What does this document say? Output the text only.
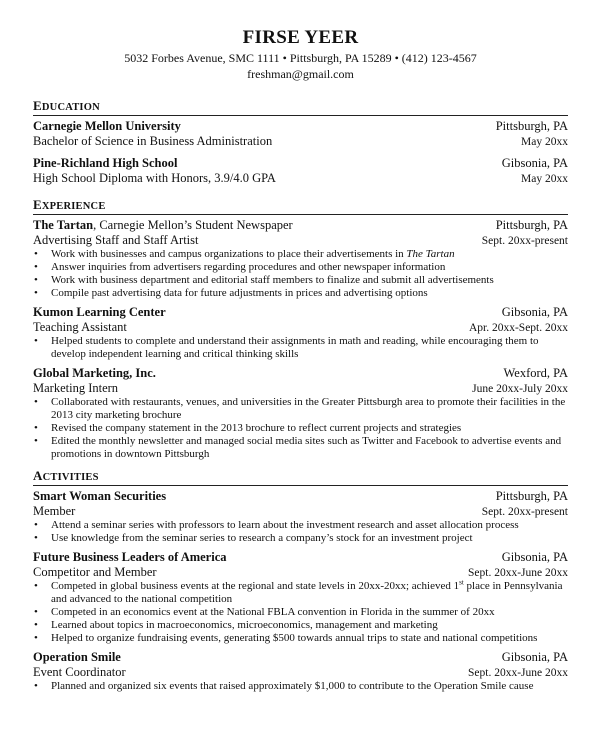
FIRSE YEER
5032 Forbes Avenue, SMC 1111 • Pittsburgh, PA 15289 • (412) 123-4567
freshman@gmail.com
EDUCATION
Carnegie Mellon University	Pittsburgh, PA
Bachelor of Science in Business Administration	May 20xx
Pine-Richland High School	Gibsonia, PA
High School Diploma with Honors, 3.9/4.0 GPA	May 20xx
EXPERIENCE
The Tartan, Carnegie Mellon’s Student Newspaper	Pittsburgh, PA
Advertising Staff and Staff Artist	Sept. 20xx-present
• Work with businesses and campus organizations to place their advertisements in The Tartan
• Answer inquiries from advertisers regarding procedures and other newspaper information
• Work with business department and editorial staff members to finalize and submit all advertisements
• Compile past advertising data for future adjustments in prices and advertising options
Kumon Learning Center	Gibsonia, PA
Teaching Assistant	Apr. 20xx-Sept. 20xx
• Helped students to complete and understand their assignments in math and reading, while encouraging them to develop independent learning and critical thinking skills
Global Marketing, Inc.	Wexford, PA
Marketing Intern	June 20xx-July 20xx
• Collaborated with restaurants, venues, and universities in the Greater Pittsburgh area to promote their facilities in the 2013 city marketing brochure
• Revised the company statement in the 2013 brochure to reflect current projects and strategies
• Edited the monthly newsletter and managed social media sites such as Twitter and Facebook to advertise events and promotions in downtown Pittsburgh
ACTIVITIES
Smart Woman Securities	Pittsburgh, PA
Member	Sept. 20xx-present
• Attend a seminar series with professors to learn about the investment research and asset allocation process
• Use knowledge from the seminar series to research a company’s stock for an investment project
Future Business Leaders of America	Gibsonia, PA
Competitor and Member	Sept. 20xx-June 20xx
• Competed in global business events at the regional and state levels in 20xx-20xx; achieved 1st place in Pennsylvania and advanced to the national competition
• Competed in an economics event at the National FBLA convention in Florida in the summer of 20xx
• Learned about topics in macroeconomics, microeconomics, management and marketing
• Helped to organize fundraising events, generating $500 towards annual trips to state and national competitions
Operation Smile	Gibsonia, PA
Event Coordinator	Sept. 20xx-June 20xx
• Planned and organized six events that raised approximately $1,000 to contribute to the Operation Smile cause
